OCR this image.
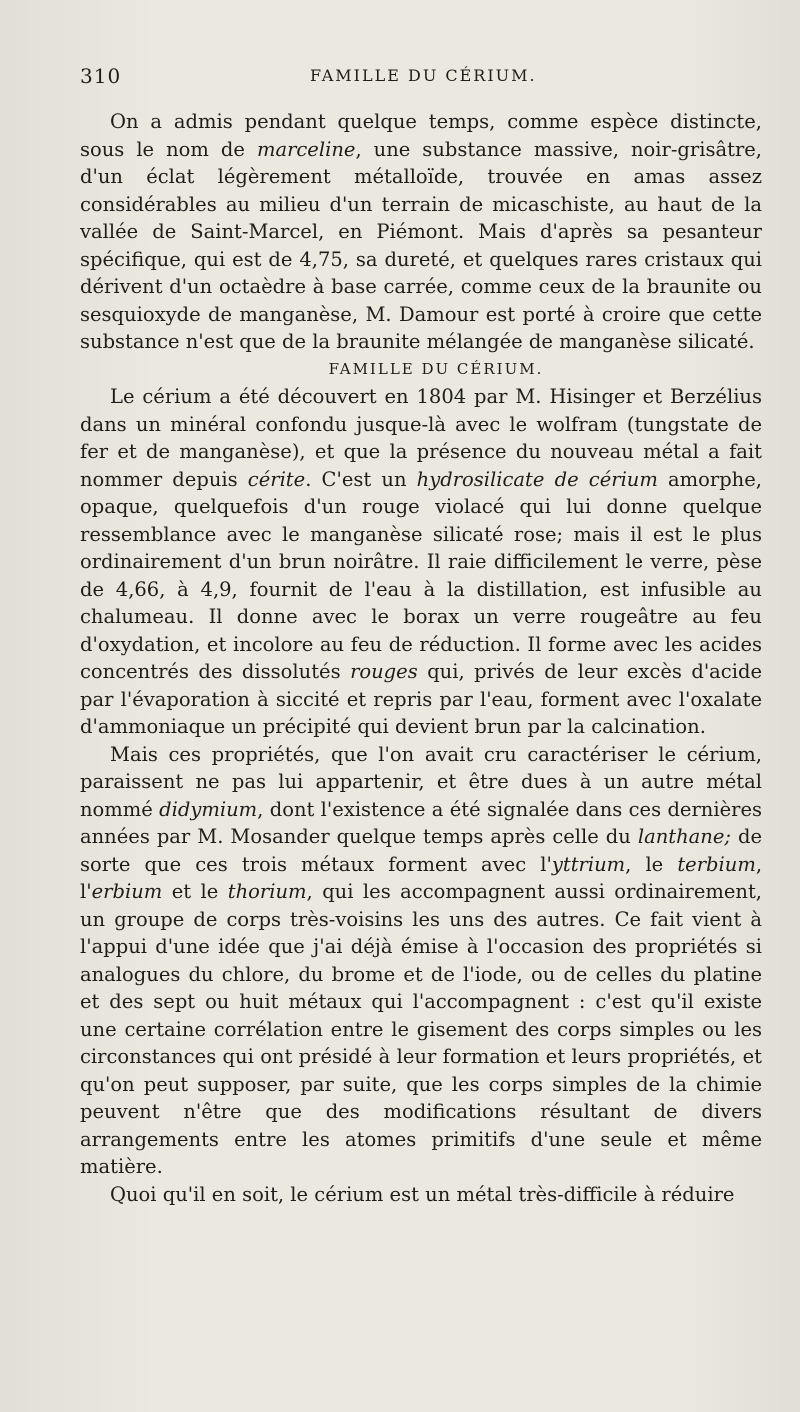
310	FAMILLE DU CÉRIUM.

On a admis pendant quelque temps, comme espèce distincte, sous le nom de marceline, une substance massive, noir-grisâtre, d'un éclat légèrement métalloïde, trouvée en amas assez considérables au milieu d'un terrain de micaschiste, au haut de la vallée de Saint-Marcel, en Piémont. Mais d'après sa pesanteur spécifique, qui est de 4,75, sa dureté, et quelques rares cristaux qui dérivent d'un octaèdre à base carrée, comme ceux de la braunite ou sesquioxyde de manganèse, M. Damour est porté à croire que cette substance n'est que de la braunite mélangée de manganèse silicaté.

FAMILLE DU CÉRIUM.

Le cérium a été découvert en 1804 par M. Hisinger et Berzélius dans un minéral confondu jusque-là avec le wolfram (tungstate de fer et de manganèse), et que la présence du nouveau métal a fait nommer depuis cérite. C'est un hydrosilicate de cérium amorphe, opaque, quelquefois d'un rouge violacé qui lui donne quelque ressemblance avec le manganèse silicaté rose; mais il est le plus ordinairement d'un brun noirâtre. Il raie difficilement le verre, pèse de 4,66, à 4,9, fournit de l'eau à la distillation, est infusible au chalumeau. Il donne avec le borax un verre rougeâtre au feu d'oxydation, et incolore au feu de réduction. Il forme avec les acides concentrés des dissolutés rouges qui, privés de leur excès d'acide par l'évaporation à siccité et repris par l'eau, forment avec l'oxalate d'ammoniaque un précipité qui devient brun par la calcination.

Mais ces propriétés, que l'on avait cru caractériser le cérium, paraissent ne pas lui appartenir, et être dues à un autre métal nommé didymium, dont l'existence a été signalée dans ces dernières années par M. Mosander quelque temps après celle du lanthane; de sorte que ces trois métaux forment avec l'yttrium, le terbium, l'erbium et le thorium, qui les accompagnent aussi ordinairement, un groupe de corps très-voisins les uns des autres. Ce fait vient à l'appui d'une idée que j'ai déjà émise à l'occasion des propriétés si analogues du chlore, du brome et de l'iode, ou de celles du platine et des sept ou huit métaux qui l'accompagnent : c'est qu'il existe une certaine corrélation entre le gisement des corps simples ou les circonstances qui ont présidé à leur formation et leurs propriétés, et qu'on peut supposer, par suite, que les corps simples de la chimie peuvent n'être que des modifications résultant de divers arrangements entre les atomes primitifs d'une seule et même matière.

Quoi qu'il en soit, le cérium est un métal très-difficile à réduire
